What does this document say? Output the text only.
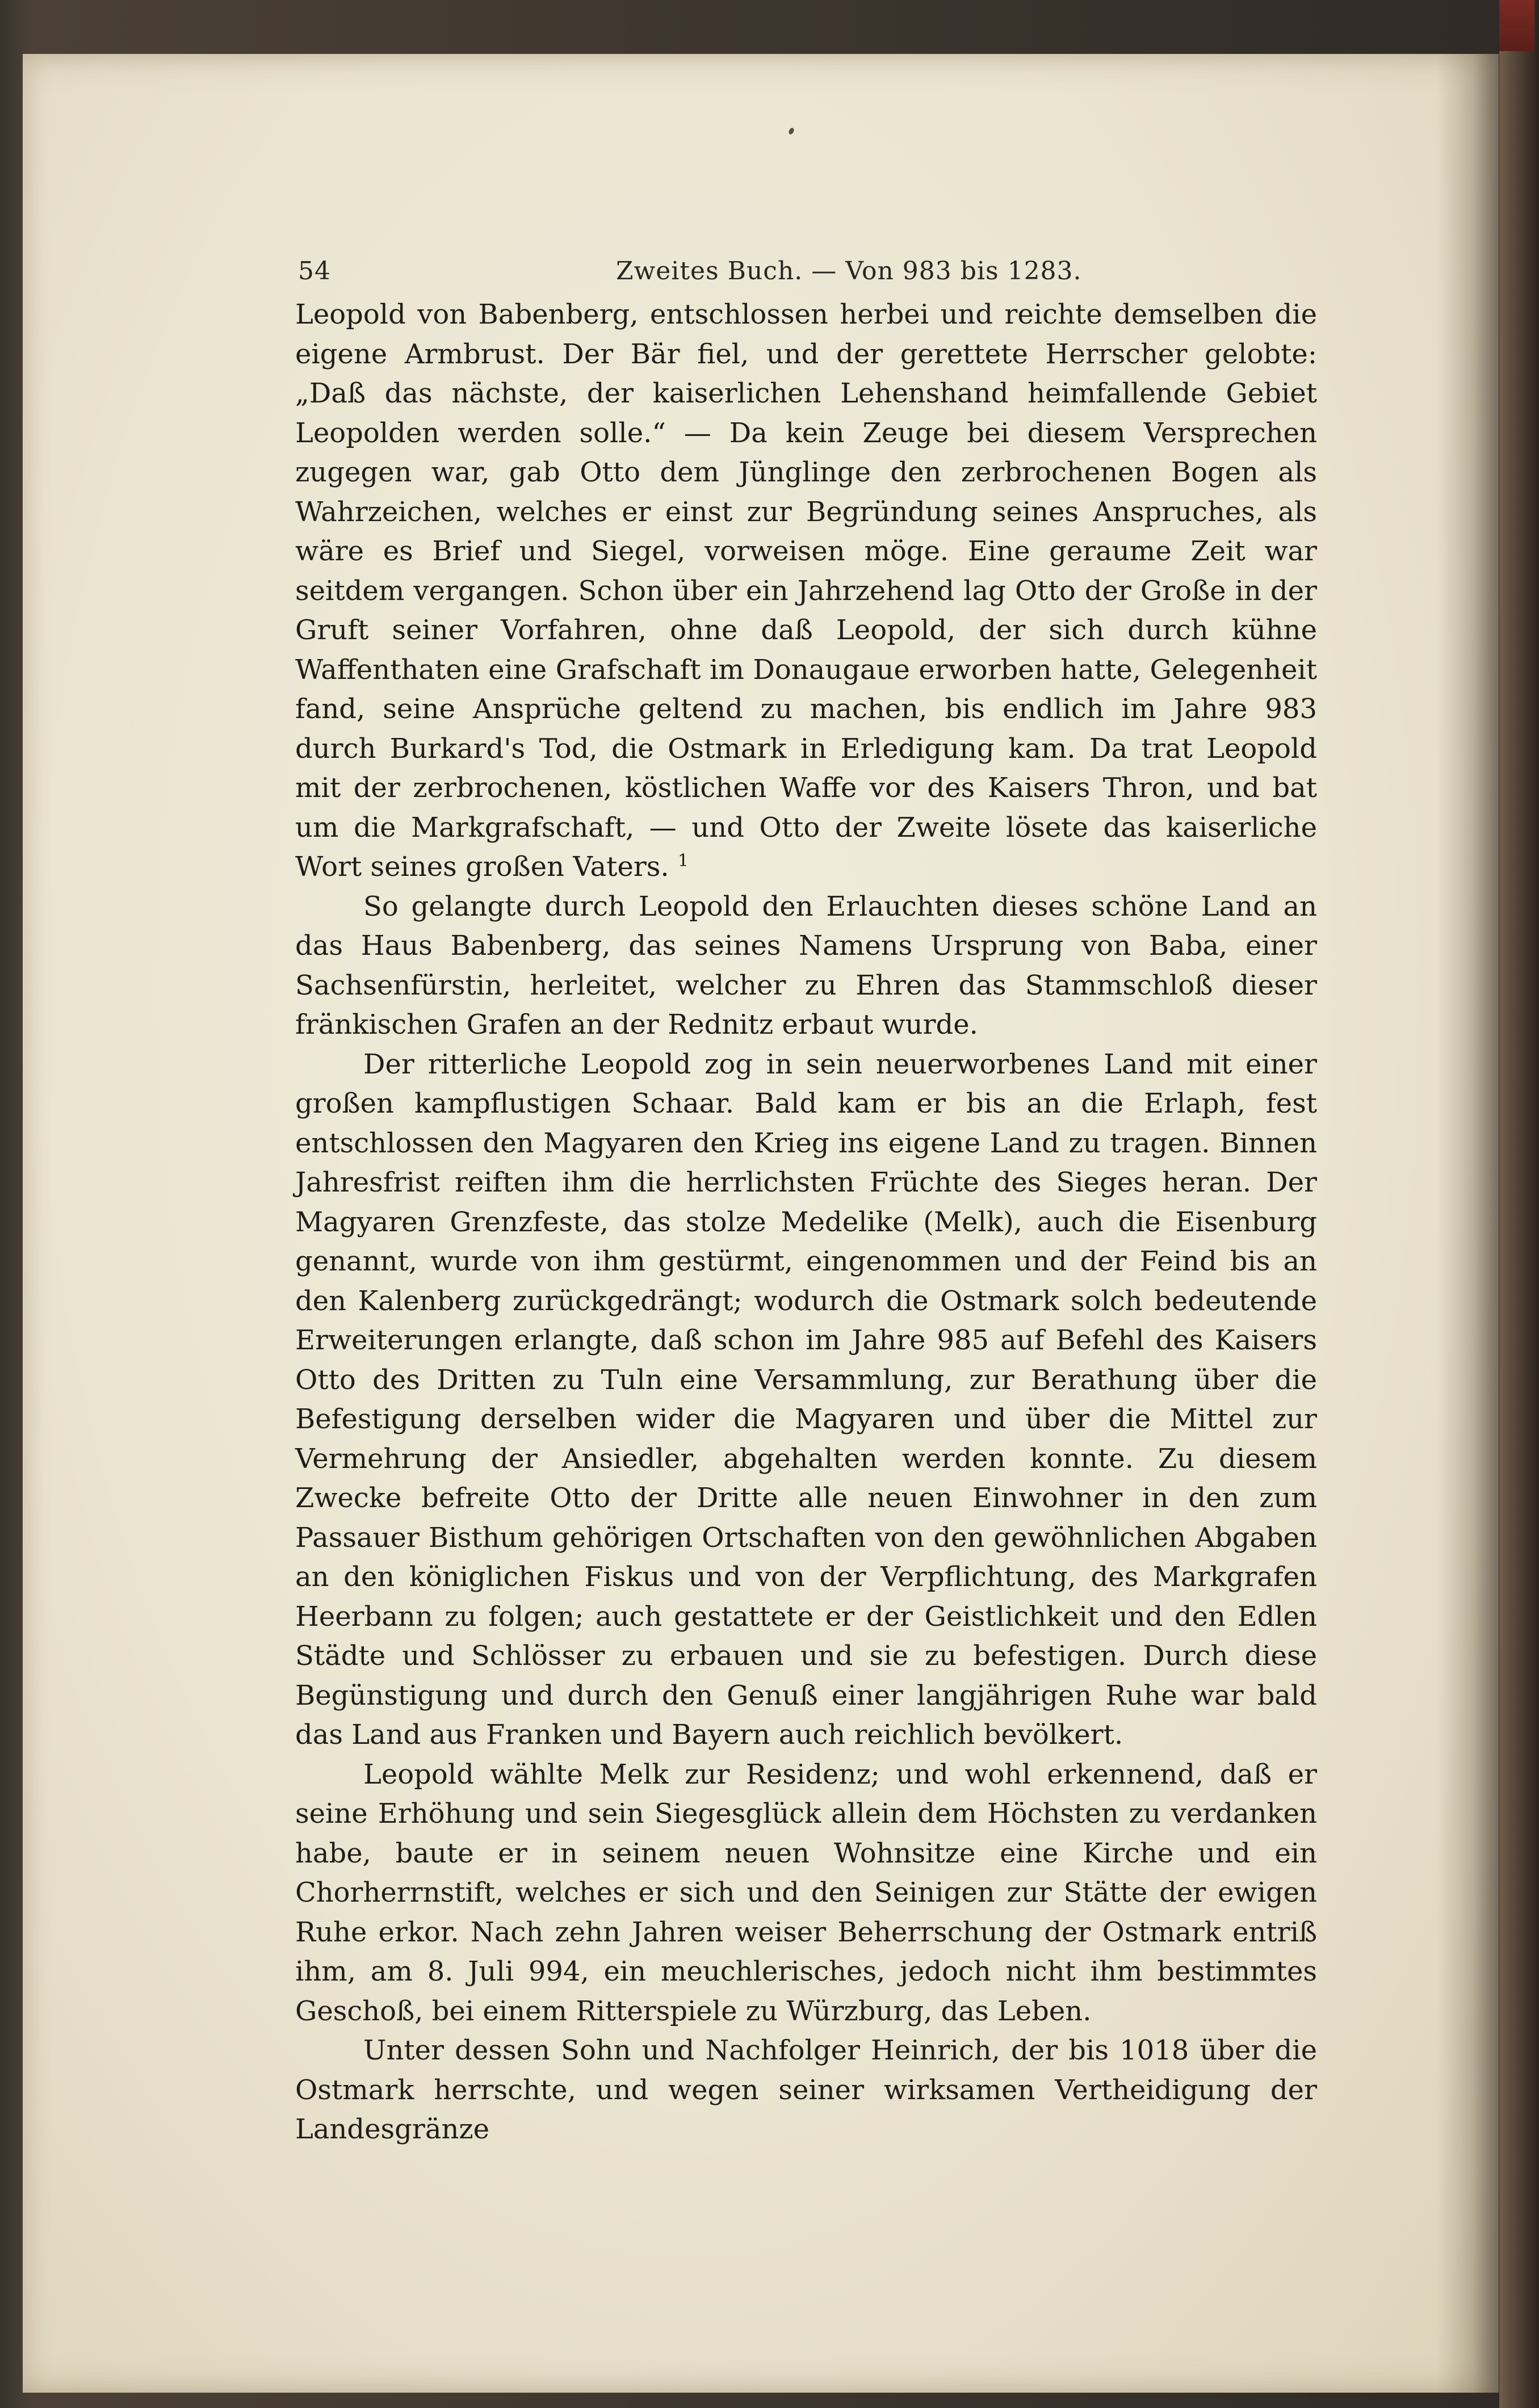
54	Zweites Buch. — Von 983 bis 1283.

Leopold von Babenberg, entschlossen herbei und reichte demselben die eigene Armbrust. Der Bär fiel, und der gerettete Herrscher gelobte: „Daß das nächste, der kaiserlichen Lehenshand heimfallende Gebiet Leopolden werden solle.“ — Da kein Zeuge bei diesem Versprechen zugegen war, gab Otto dem Jünglinge den zerbrochenen Bogen als Wahrzeichen, welches er einst zur Begründung seines Anspruches, als wäre es Brief und Siegel, vorweisen möge. Eine geraume Zeit war seitdem vergangen. Schon über ein Jahrzehend lag Otto der Große in der Gruft seiner Vorfahren, ohne daß Leopold, der sich durch kühne Waffenthaten eine Grafschaft im Donaugaue erworben hatte, Gelegenheit fand, seine Ansprüche geltend zu machen, bis endlich im Jahre 983 durch Burkard's Tod, die Ostmark in Erledigung kam. Da trat Leopold mit der zerbrochenen, köstlichen Waffe vor des Kaisers Thron, und bat um die Markgrafschaft, — und Otto der Zweite lösete das kaiserliche Wort seines großen Vaters. $^1$

So gelangte durch Leopold den Erlauchten dieses schöne Land an das Haus Babenberg, das seines Namens Ursprung von Baba, einer Sachsenfürstin, herleitet, welcher zu Ehren das Stammschloß dieser fränkischen Grafen an der Rednitz erbaut wurde.

Der ritterliche Leopold zog in sein neuerworbenes Land mit einer großen kampflustigen Schaar. Bald kam er bis an die Erlaph, fest entschlossen den Magyaren den Krieg ins eigene Land zu tragen. Binnen Jahresfrist reiften ihm die herrlichsten Früchte des Sieges heran. Der Magyaren Grenzfeste, das stolze Medelike (Melk), auch die Eisenburg genannt, wurde von ihm gestürmt, eingenommen und der Feind bis an den Kalenberg zurückgedrängt; wodurch die Ostmark solch bedeutende Erweiterungen erlangte, daß schon im Jahre 985 auf Befehl des Kaisers Otto des Dritten zu Tuln eine Versammlung, zur Berathung über die Befestigung derselben wider die Magyaren und über die Mittel zur Vermehrung der Ansiedler, abgehalten werden konnte. Zu diesem Zwecke befreite Otto der Dritte alle neuen Einwohner in den zum Passauer Bisthum gehörigen Ortschaften von den gewöhnlichen Abgaben an den königlichen Fiskus und von der Verpflichtung, des Markgrafen Heerbann zu folgen; auch gestattete er der Geistlichkeit und den Edlen Städte und Schlösser zu erbauen und sie zu befestigen. Durch diese Begünstigung und durch den Genuß einer langjährigen Ruhe war bald das Land aus Franken und Bayern auch reichlich bevölkert.

Leopold wählte Melk zur Residenz; und wohl erkennend, daß er seine Erhöhung und sein Siegesglück allein dem Höchsten zu verdanken habe, baute er in seinem neuen Wohnsitze eine Kirche und ein Chorherrnstift, welches er sich und den Seinigen zur Stätte der ewigen Ruhe erkor. Nach zehn Jahren weiser Beherrschung der Ostmark entriß ihm, am 8. Juli 994, ein meuchlerisches, jedoch nicht ihm bestimmtes Geschoß, bei einem Ritterspiele zu Würzburg, das Leben.

Unter dessen Sohn und Nachfolger Heinrich, der bis 1018 über die Ostmark herrschte, und wegen seiner wirksamen Vertheidigung der Landesgränze
